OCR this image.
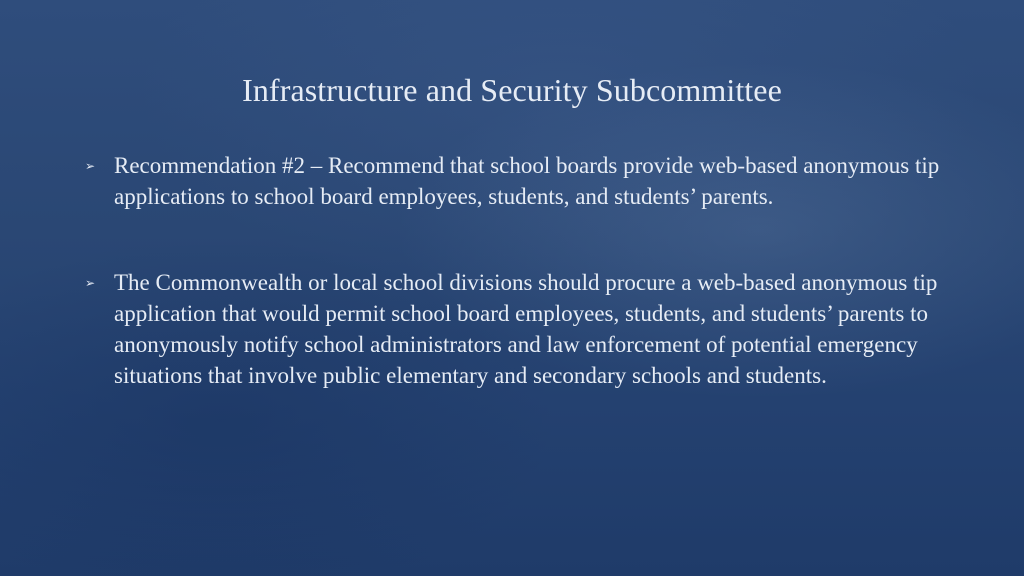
Infrastructure and Security Subcommittee
➢ Recommendation #2 – Recommend that school boards provide web-based anonymous tip applications to school board employees, students, and students’ parents.
➢ The Commonwealth or local school divisions should procure a web-based anonymous tip application that would permit school board employees, students, and students’ parents to anonymously notify school administrators and law enforcement of potential emergency situations that involve public elementary and secondary schools and students.
